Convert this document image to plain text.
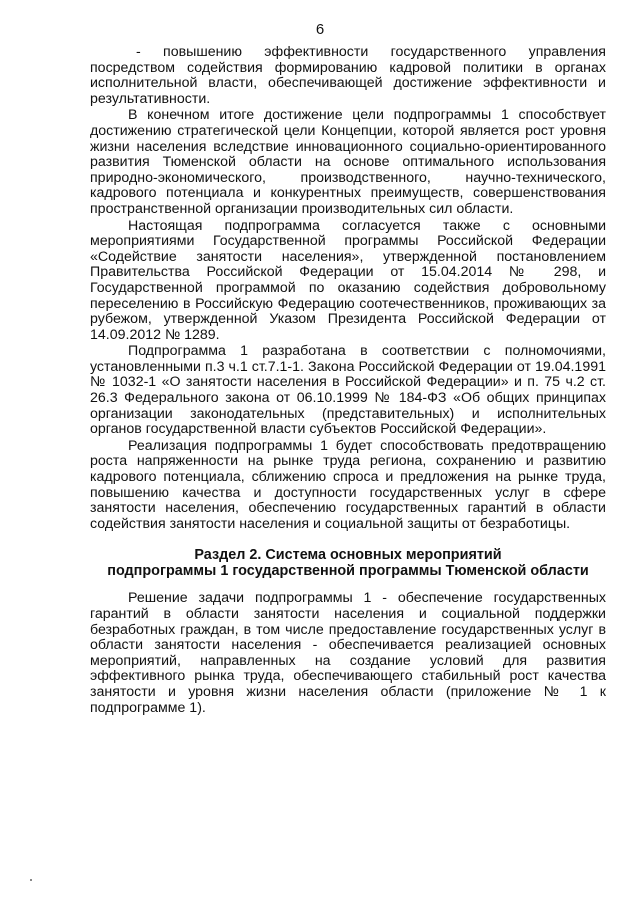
6

- повышению эффективности государственного управления посредством содействия формированию кадровой политики в органах исполнительной власти, обеспечивающей достижение эффективности и результативности.

В конечном итоге достижение цели подпрограммы 1 способствует достижению стратегической цели Концепции, которой является рост уровня жизни населения вследствие инновационного социально-ориентированного развития Тюменской области на основе оптимального использования природно-экономического, производственного, научно-технического, кадрового потенциала и конкурентных преимуществ, совершенствования пространственной организации производительных сил области.

Настоящая подпрограмма согласуется также с основными мероприятиями Государственной программы Российской Федерации «Содействие занятости населения», утвержденной постановлением Правительства Российской Федерации от 15.04.2014 № 298, и Государственной программой по оказанию содействия добровольному переселению в Российскую Федерацию соотечественников, проживающих за рубежом, утвержденной Указом Президента Российской Федерации от 14.09.2012 № 1289.

Подпрограмма 1 разработана в соответствии с полномочиями, установленными п.3 ч.1 ст.7.1-1. Закона Российской Федерации от 19.04.1991 № 1032-1 «О занятости населения в Российской Федерации» и п. 75 ч.2 ст. 26.3 Федерального закона от 06.10.1999 № 184-ФЗ «Об общих принципах организации законодательных (представительных) и исполнительных органов государственной власти субъектов Российской Федерации».

Реализация подпрограммы 1 будет способствовать предотвращению роста напряженности на рынке труда региона, сохранению и развитию кадрового потенциала, сближению спроса и предложения на рынке труда, повышению качества и доступности государственных услуг в сфере занятости населения, обеспечению государственных гарантий в области содействия занятости населения и социальной защиты от безработицы.

Раздел 2. Система основных мероприятий
подпрограммы 1 государственной программы Тюменской области

Решение задачи подпрограммы 1 - обеспечение государственных гарантий в области занятости населения и социальной поддержки безработных граждан, в том числе предоставление государственных услуг в области занятости населения - обеспечивается реализацией основных мероприятий, направленных на создание условий для развития эффективного рынка труда, обеспечивающего стабильный рост качества занятости и уровня жизни населения области (приложение № 1 к подпрограмме 1).
